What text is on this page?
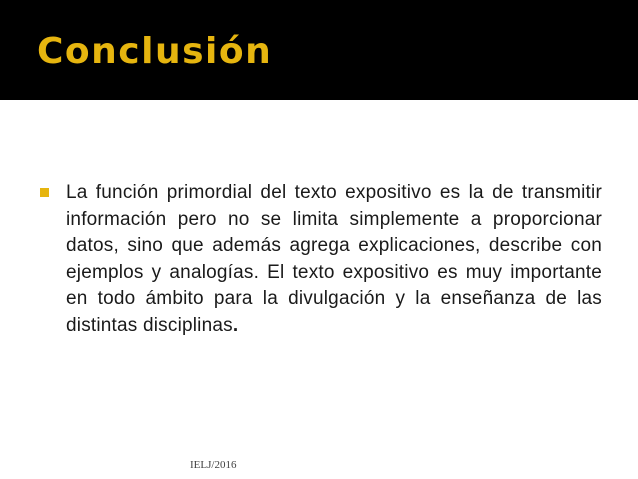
Conclusión

La función primordial del texto expositivo es la de transmitir información pero no se limita simplemente a proporcionar datos, sino que además agrega explicaciones, describe con ejemplos y analogías. El texto expositivo es muy importante en todo ámbito para la divulgación y la enseñanza de las distintas disciplinas.

IELJ/2016
